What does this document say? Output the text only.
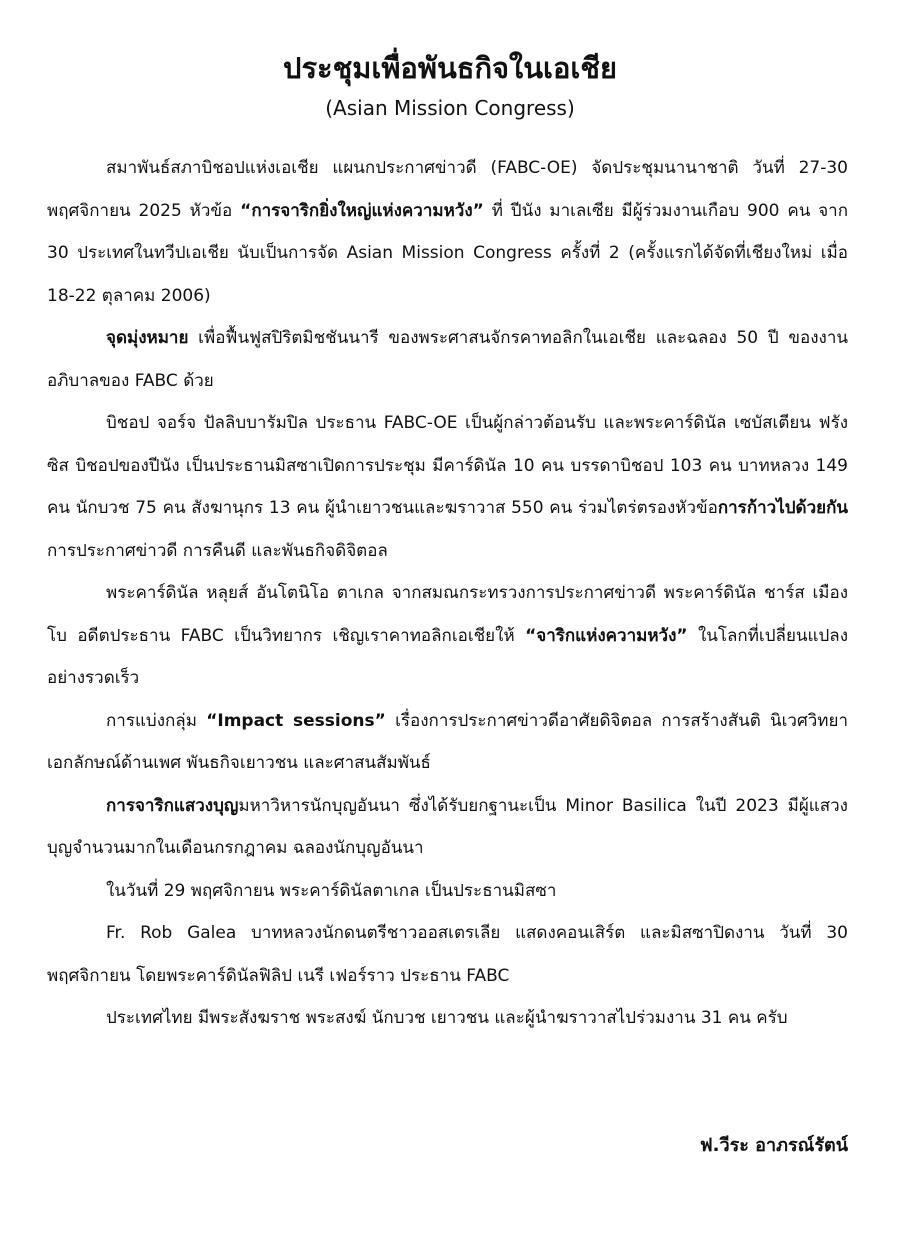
ประชุมเพื่อพันธกิจในเอเชีย
(Asian Mission Congress)

สมาพันธ์สภาบิชอปแห่งเอเชีย แผนกประกาศข่าวดี (FABC-OE) จัดประชุมนานาชาติ วันที่ 27-30 พฤศจิกายน 2025 หัวข้อ “การจาริกยิ่งใหญ่แห่งความหวัง” ที่ ปีนัง มาเลเซีย มีผู้ร่วมงานเกือบ 900 คน จาก 30 ประเทศในทวีปเอเชีย นับเป็นการจัด Asian Mission Congress ครั้งที่ 2 (ครั้งแรกได้จัดที่เชียงใหม่ เมื่อ 18-22 ตุลาคม 2006)

จุดมุ่งหมาย เพื่อฟื้นฟูสปิริตมิชชันนารี ของพระศาสนจักรคาทอลิกในเอเชีย และฉลอง 50 ปี ของงานอภิบาลของ FABC ด้วย

บิชอป จอร์จ ปัลลิบบารัมปิล ประธาน FABC-OE เป็นผู้กล่าวต้อนรับ และพระคาร์ดินัล เซบัสเตียน ฟรังซิส บิชอปของปีนัง เป็นประธานมิสซาเปิดการประชุม มีคาร์ดินัล 10 คน บรรดาบิชอป 103 คน บาทหลวง 149 คน นักบวช 75 คน สังฆานุกร 13 คน ผู้นำเยาวชนและฆราวาส 550 คน ร่วมไตร่ตรองหัวข้อการก้าวไปด้วยกัน การประกาศข่าวดี การคืนดี และพันธกิจดิจิตอล

พระคาร์ดินัล หลุยส์ อันโตนิโอ ตาเกล จากสมณกระทรวงการประกาศข่าวดี พระคาร์ดินัล ชาร์ส เมืองโบ อดีตประธาน FABC เป็นวิทยากร เชิญเราคาทอลิกเอเชียให้ “จาริกแห่งความหวัง” ในโลกที่เปลี่ยนแปลงอย่างรวดเร็ว

การแบ่งกลุ่ม “Impact sessions” เรื่องการประกาศข่าวดีอาศัยดิจิตอล การสร้างสันติ นิเวศวิทยา เอกลักษณ์ด้านเพศ พันธกิจเยาวชน และศาสนสัมพันธ์

การจาริกแสวงบุญมหาวิหารนักบุญอันนา ซึ่งได้รับยกฐานะเป็น Minor Basilica ในปี 2023 มีผู้แสวงบุญจำนวนมากในเดือนกรกฎาคม ฉลองนักบุญอันนา

ในวันที่ 29 พฤศจิกายน พระคาร์ดินัลตาเกล เป็นประธานมิสซา

Fr. Rob Galea บาทหลวงนักดนตรีชาวออสเตรเลีย แสดงคอนเสิร์ต และมิสซาปิดงาน วันที่ 30 พฤศจิกายน โดยพระคาร์ดินัลฟิลิป เนรี เฟอร์ราว ประธาน FABC

ประเทศไทย มีพระสังฆราช พระสงฆ์ นักบวช เยาวชน และผู้นำฆราวาสไปร่วมงาน 31 คน ครับ

ฟ.วีระ อาภรณ์รัตน์
